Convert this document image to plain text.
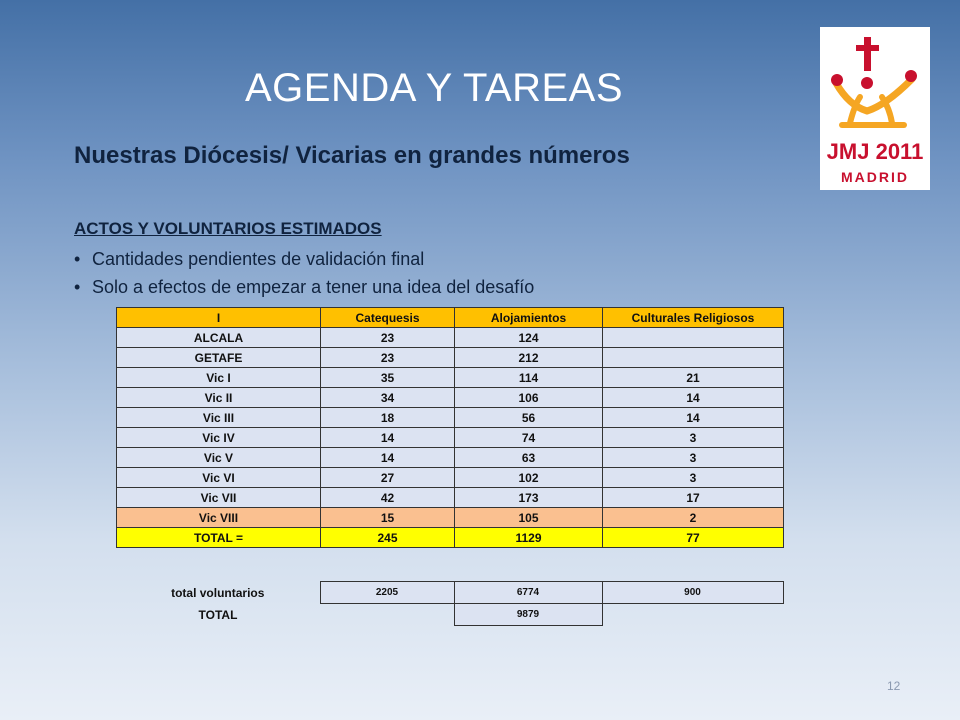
AGENDA Y TAREAS
JMJ 2011
MADRID
Nuestras Diócesis/ Vicarias en grandes números
ACTOS Y VOLUNTARIOS ESTIMADOS
• Cantidades pendientes de validación final
• Solo a efectos de empezar a tener una idea del desafío
I	Catequesis	Alojamientos	Culturales Religiosos
ALCALA	23	124	
GETAFE	23	212	
Vic I	35	114	21
Vic II	34	106	14
Vic III	18	56	14
Vic IV	14	74	3
Vic V	14	63	3
Vic VI	27	102	3
Vic VII	42	173	17
Vic VIII	15	105	2
TOTAL =	245	1129	77
total voluntarios	2205	6774	900
TOTAL		9879	
12
